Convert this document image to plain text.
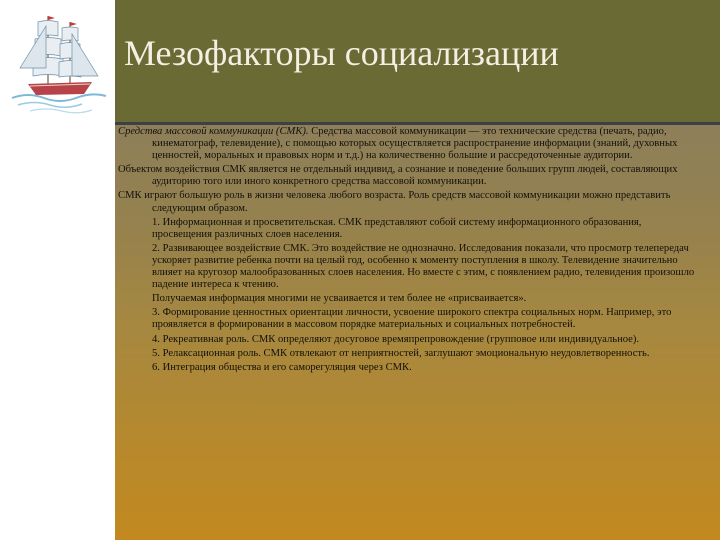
Мезофакторы социализации

Средства массовой коммуникации (СМК). Средства массовой коммуникации — это технические средства (печать, радио, кинематограф, телевидение), с помощью которых осуществляется распространение информации (знаний, духовных ценностей, моральных и правовых норм и т.д.) на количественно большие и рассредоточенные аудитории.

Объектом воздействия СМК является не отдельный индивид, а сознание и поведение больших групп людей, составляющих аудиторию того или иного конкретного средства массовой коммуникации.

СМК играют большую роль в жизни человека любого возраста. Роль средств массовой коммуникации можно представить следующим образом.

1. Информационная и просветительская. СМК представляют собой систему информационного образования, просвещения различных слоев населения.

2. Развивающее воздействие СМК. Это воздействие не однозначно. Исследования показали, что просмотр телепередач ускоряет развитие ребенка почти на целый год, особенно к моменту поступления в школу. Телевидение значительно влияет на кругозор малообразованных слоев населения. Но вместе с этим, с появлением радио, телевидения произошло падение интереса к чтению.

Получаемая информация многими не усваивается и тем более не «присваивается».

3. Формирование ценностных ориентации личности, усвоение широкого спектра социальных норм. Например, это проявляется в формировании в массовом порядке материальных и социальных потребностей.

4. Рекреативная роль. СМК определяют досуговое времяпрепровождение (групповое или индивидуальное).

5. Релаксационная роль. СМК отвлекают от неприятностей, заглушают эмоциональную неудовлетворенность.

6. Интеграция общества и его саморегуляция через СМК.
